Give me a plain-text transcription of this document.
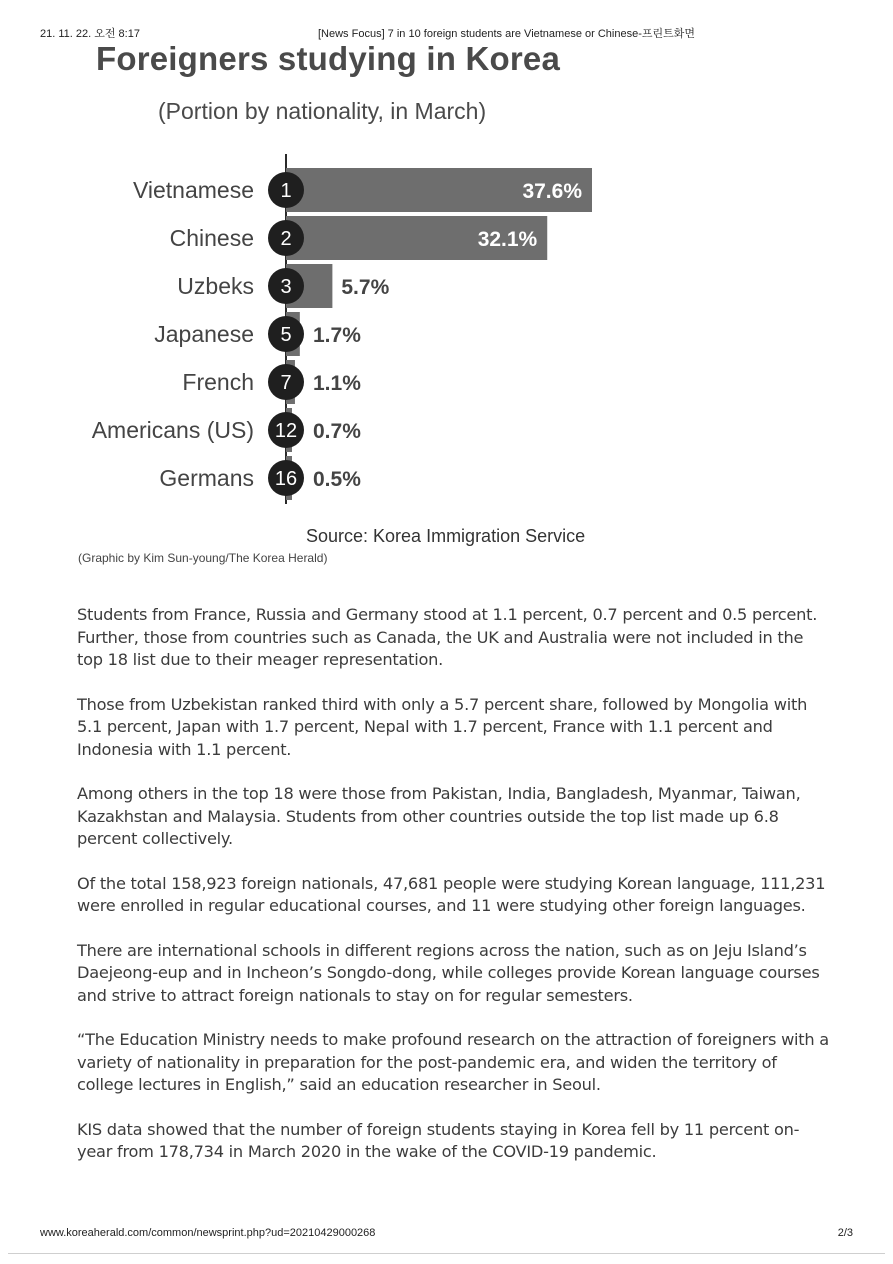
21. 11. 22. 오전 8:17	[News Focus] 7 in 10 foreign students are Vietnamese or Chinese-프린트화면
Foreigners studying in Korea
(Portion by nationality, in March)
1
Vietnamese	37.6%
2
Chinese	32.1%
3
Uzbeks	5.7%
5
Japanese	1.7%
7
French	1.1%
12
Americans (US)	0.7%
16
Germans	0.5%
Source: Korea Immigration Service
(Graphic by Kim Sun-young/The Korea Herald)

Students from France, Russia and Germany stood at 1.1 percent, 0.7 percent and 0.5 percent. Further, those from countries such as Canada, the UK and Australia were not included in the top 18 list due to their meager representation.

Those from Uzbekistan ranked third with only a 5.7 percent share, followed by Mongolia with 5.1 percent, Japan with 1.7 percent, Nepal with 1.7 percent, France with 1.1 percent and Indonesia with 1.1 percent.

Among others in the top 18 were those from Pakistan, India, Bangladesh, Myanmar, Taiwan, Kazakhstan and Malaysia. Students from other countries outside the top list made up 6.8 percent collectively.

Of the total 158,923 foreign nationals, 47,681 people were studying Korean language, 111,231 were enrolled in regular educational courses, and 11 were studying other foreign languages.

There are international schools in different regions across the nation, such as on Jeju Island’s Daejeong-eup and in Incheon’s Songdo-dong, while colleges provide Korean language courses and strive to attract foreign nationals to stay on for regular semesters.

“The Education Ministry needs to make profound research on the attraction of foreigners with a variety of nationality in preparation for the post-pandemic era, and widen the territory of college lectures in English,” said an education researcher in Seoul.

KIS data showed that the number of foreign students staying in Korea fell by 11 percent on-year from 178,734 in March 2020 in the wake of the COVID-19 pandemic.

www.koreaherald.com/common/newsprint.php?ud=20210429000268	2/3
